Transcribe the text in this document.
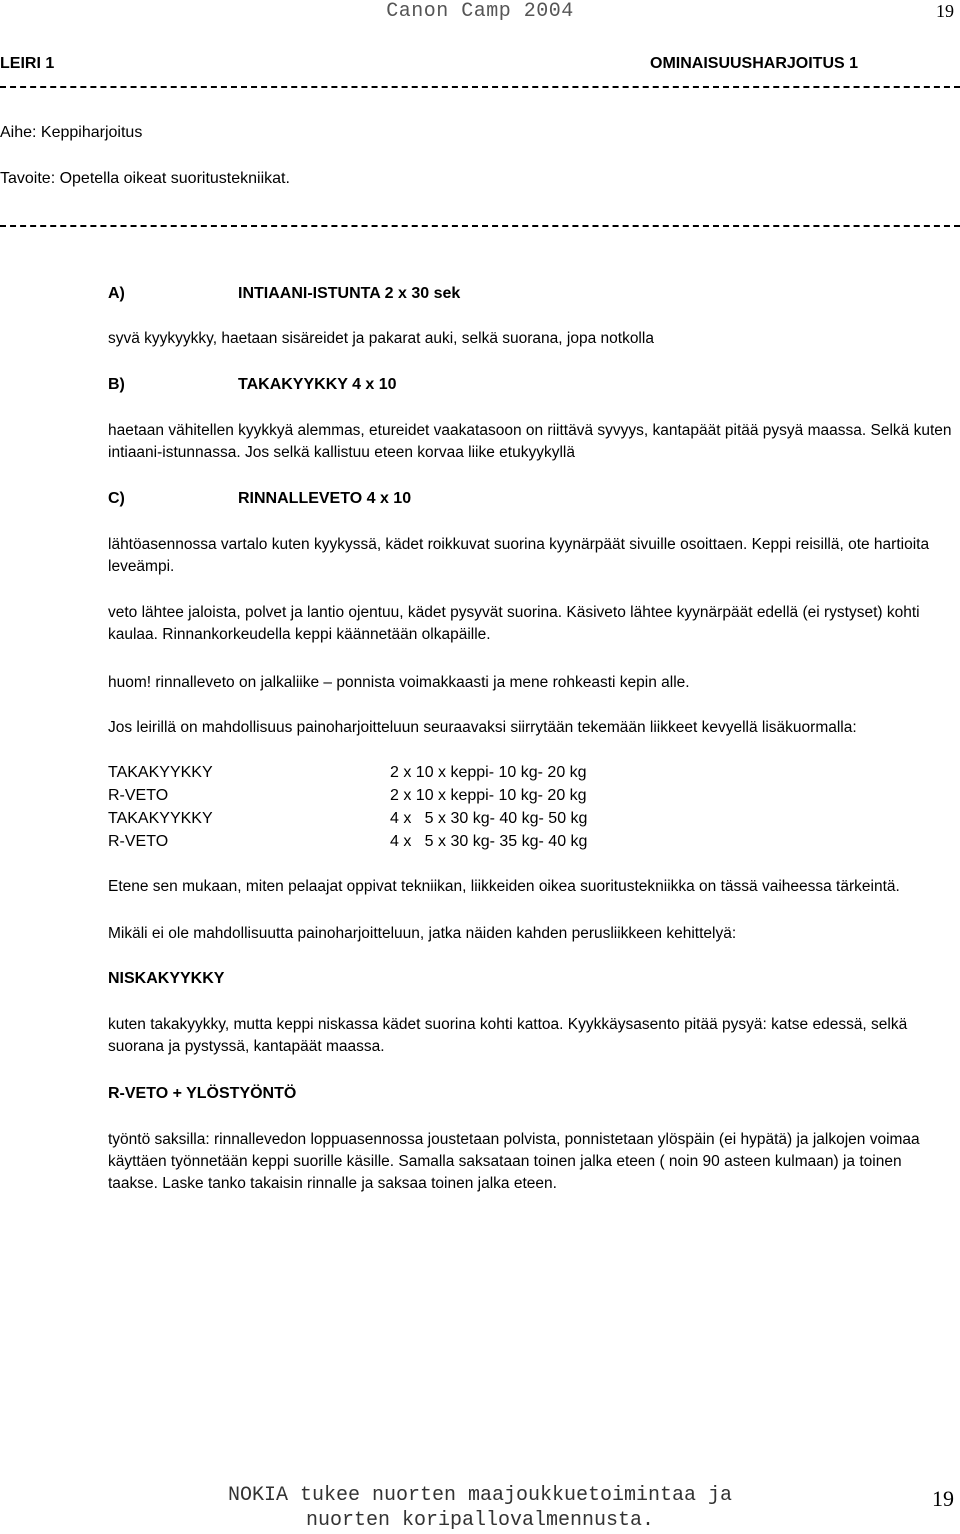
Canon Camp 2004	19
LEIRI 1	OMINAISUUSHARJOITUS 1
Aihe: Keppiharjoitus
Tavoite: Opetella oikeat suoritustekniikat.
A)	INTIAANI-ISTUNTA 2 x 30 sek
syvä kyykyykky, haetaan sisäreidet ja pakarat auki, selkä suorana, jopa notkolla
B)	TAKAKYYKKY 4 x 10
haetaan vähitellen kyykkyä alemmas, etureidet vaakatasoon on riittävä syvyys, kantapäät pitää pysyä maassa. Selkä kuten intiaani-istunnassa. Jos selkä kallistuu eteen korvaa liike etukyykyllä
C)	RINNALLEVETO 4 x 10
lähtöasennossa vartalo kuten kyykyssä, kädet roikkuvat suorina kyynärpäät sivuille osoittaen. Keppi reisillä, ote hartioita leveämpi.
veto lähtee jaloista, polvet ja lantio ojentuu, kädet pysyvät suorina. Käsiveto lähtee kyynärpäät edellä (ei rystyset) kohti kaulaa. Rinnankorkeudella keppi käännetään olkapäille.
huom! rinnalleveto on jalkaliike – ponnista voimakkaasti ja mene rohkeasti kepin alle.
Jos leirillä on mahdollisuus painoharjoitteluun seuraavaksi siirrytään tekemään liikkeet kevyellä lisäkuormalla:
TAKAKYYKKY	2 x 10 x keppi- 10 kg- 20 kg
R-VETO	2 x 10 x keppi- 10 kg- 20 kg
TAKAKYYKKY	4 x   5 x 30 kg- 40 kg- 50 kg
R-VETO	4 x   5 x 30 kg- 35 kg- 40 kg
Etene sen mukaan, miten pelaajat oppivat tekniikan, liikkeiden oikea suoritustekniikka on tässä vaiheessa tärkeintä.
Mikäli ei ole mahdollisuutta painoharjoitteluun, jatka näiden kahden perusliikkeen kehittelyä:
NISKAKYYKKY
kuten takakyykky, mutta keppi niskassa kädet suorina kohti kattoa. Kyykkäysasento pitää pysyä: katse edessä, selkä suorana ja pystyssä, kantapäät maassa.
R-VETO + YLÖSTYÖNTÖ
työntö saksilla: rinnallevedon loppuasennossa joustetaan polvista, ponnistetaan ylöspäin (ei hypätä) ja jalkojen voimaa käyttäen työnnetään keppi suorille käsille. Samalla saksataan toinen jalka eteen ( noin 90 asteen kulmaan) ja toinen taakse. Laske tanko takaisin rinnalle ja saksaa toinen jalka eteen.
NOKIA tukee nuorten maajoukkuetoimintaa ja
nuorten koripallovalmennusta.
19
